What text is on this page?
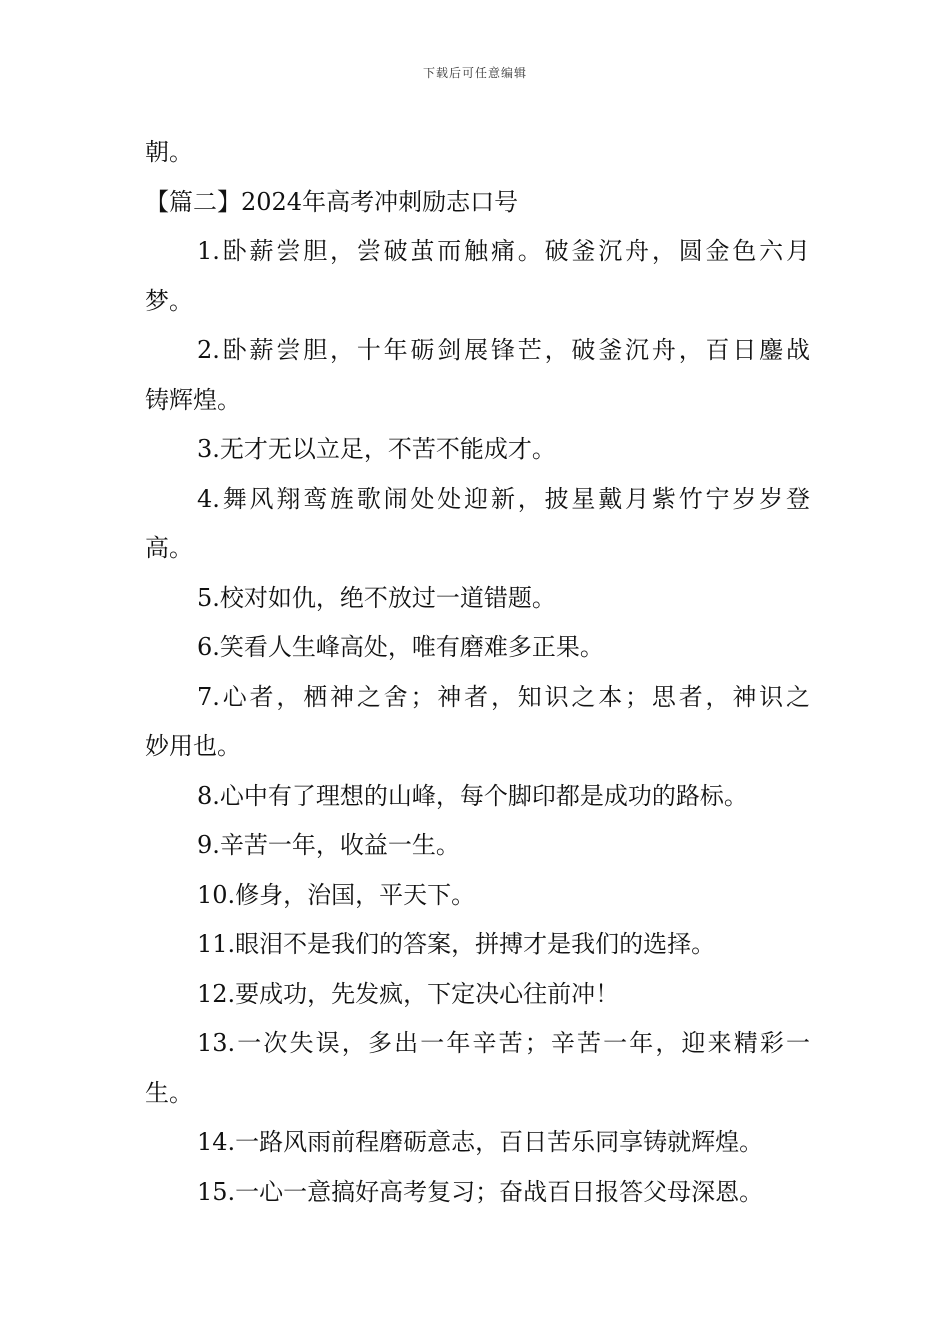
下载后可任意编辑

朝。

【篇二】2024年高考冲刺励志口号

1.卧薪尝胆，尝破茧而触痛。破釜沉舟，圆金色六月

梦。

2.卧薪尝胆，十年砺剑展锋芒，破釜沉舟，百日鏖战

铸辉煌。

3.无才无以立足，不苦不能成才。

4.舞风翔鸾旌歌闹处处迎新，披星戴月紫竹宁岁岁登

高。

5.校对如仇，绝不放过一道错题。

6.笑看人生峰高处，唯有磨难多正果。

7.心者，栖神之舍；神者，知识之本；思者，神识之

妙用也。

8.心中有了理想的山峰，每个脚印都是成功的路标。

9.辛苦一年，收益一生。

10.修身，治国，平天下。

11.眼泪不是我们的答案，拼搏才是我们的选择。

12.要成功，先发疯，下定决心往前冲！

13.一次失误，多出一年辛苦；辛苦一年，迎来精彩一

生。

14.一路风雨前程磨砺意志，百日苦乐同享铸就辉煌。

15.一心一意搞好高考复习；奋战百日报答父母深恩。
